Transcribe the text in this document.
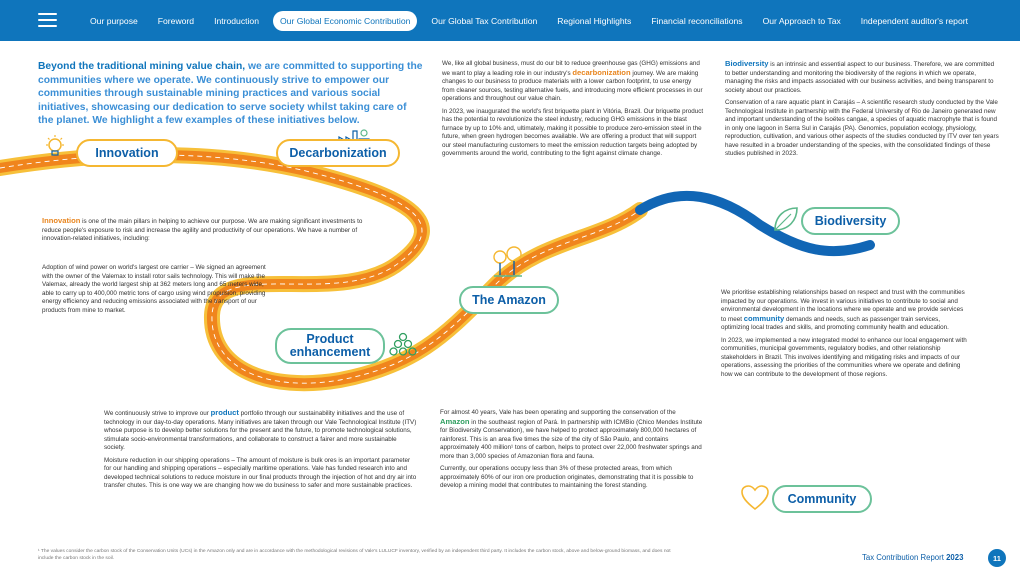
Our purpose	Foreword	Introduction	Our Global Economic Contribution	Our Global Tax Contribution	Regional Highlights	Financial reconciliations	Our Approach to Tax	Independent auditor's report
Beyond the traditional mining value chain, we are committed to supporting the communities where we operate. We continuously strive to empower our communities through sustainable mining practices and various social initiatives, showcasing our dedication to serve society whilst taking care of the planet. We highlight a few examples of these initiatives below.
Innovation	Decarbonization
Biodiversity
The Amazon
Product
enhancement
Community

We, like all global business, must do our bit to reduce greenhouse gas (GHG) emissions and we want to play a leading role in our industry's decarbonization journey. We are making changes to our business to produce materials with a lower carbon footprint, to use energy from cleaner sources, testing alternative fuels, and introducing more efficient processes in our operations and throughout our value chain.

In 2023, we inaugurated the world's first briquette plant in Vitória, Brazil. Our briquette product has the potential to revolutionize the steel industry, reducing GHG emissions in the blast furnace by up to 10% and, ultimately, making it possible to produce zero-emission steel in the future, when green hydrogen becomes available. We are offering a product that will support our steel manufacturing customers to meet the emission reduction targets being adopted by governments around the world, contributing to the fight against climate change.

Biodiversity is an intrinsic and essential aspect to our business. Therefore, we are committed to better understanding and monitoring the biodiversity of the regions in which we operate, managing the risks and impacts associated with our business activities, and being transparent to society about our practices.

Conservation of a rare aquatic plant in Carajás – A scientific research study conducted by the Vale Technological Institute in partnership with the Federal University of Rio de Janeiro generated new and important understanding of the Isoëtes cangae, a species of aquatic macrophyte that is found in only one lagoon in Serra Sul in Carajás (PA). Genomics, population ecology, physiology, reproduction, cultivation, and various other aspects of the studies conducted by ITV over ten years have resulted in a broader understanding of the species, with the consolidated findings of these studies published in 2023.

Innovation is one of the main pillars in helping to achieve our purpose. We are making significant investments to reduce people's exposure to risk and increase the agility and productivity of our operations. We have a number of innovation-related initiatives, including:

Adoption of wind power on world's largest ore carrier – We signed an agreement with the owner of the Valemax to install rotor sails technology. This will make the Valemax, already the world largest ship at 362 meters long and 65 meters wide, able to carry up to 400,000 metric tons of cargo using wind propulsion, providing energy efficiency and reducing emissions associated with the transport of our products from mine to market.

We prioritise establishing relationships based on respect and trust with the communities impacted by our operations. We invest in various initiatives to contribute to social and environmental development in the locations where we operate and we provide services to meet community demands and needs, such as passenger train services, optimizing local trades and skills, and promoting community health and education.

In 2023, we implemented a new integrated model to enhance our local engagement with communities, municipal governments, regulatory bodies, and other relationship stakeholders in Brazil. This involves identifying and mitigating risks and impacts of our operations, assessing the priorities of the communities where we operate and defining how we can contribute to the development of those regions.

We continuously strive to improve our product portfolio through our sustainability initiatives and the use of technology in our day-to-day operations. Many initiatives are taken through our Vale Technological Institute (ITV) whose purpose is to develop better solutions for the present and the future, to promote technological solutions, stimulate socio-environmental transformations, and collaborate to construct a fairer and more sustainable society.

Moisture reduction in our shipping operations – The amount of moisture is bulk ores is an important parameter for our handling and shipping operations – especially maritime operations. Vale has funded research into and developed technical solutions to reduce moisture in our final products through the injection of hot and dry air into transfer chutes. This is one way we are changing how we do business to safer and more sustainable practices.

For almost 40 years, Vale has been operating and supporting the conservation of the Amazon in the southeast region of Pará. In partnership with ICMBio (Chico Mendes Institute for Biodiversity Conservation), we have helped to protect approximately 800,000 hectares of rainforest. This is an area five times the size of the city of São Paulo, and contains approximately 400 million¹ tons of carbon, helps to protect over 22,000 freshwater springs and more than 3,000 species of Amazonian flora and fauna.

Currently, our operations occupy less than 3% of these protected areas, from which approximately 60% of our iron ore production originates, demonstrating that it is possible to develop a mining model that contributes to maintaining the forest standing.

¹ The values consider the carbon stock of the Conservation Units (UCs) in the Amazon only and are in accordance with the methodological revisions of Vale's LULUCF inventory, verified by an independent third party. It includes the carbon stock, above and below-ground biomass, and does not include the carbon stock in the soil.	Tax Contribution Report 2023	11
